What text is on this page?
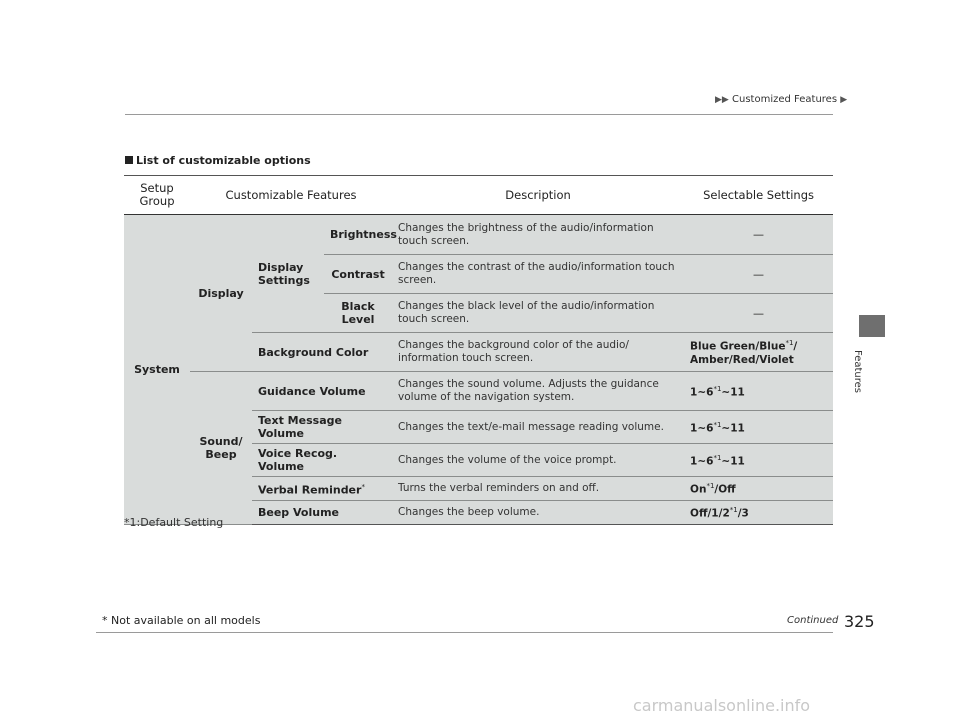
▶▶ Customized Features ▶
Features
List of customizable options
Setup Group	Customizable Features			Description	Selectable Settings
System	Display	Display Settings	Brightness	Changes the brightness of the audio/information touch screen.	—
			Contrast	Changes the contrast of the audio/information touch screen.	—
			Black Level	Changes the black level of the audio/information touch screen.	—
		Background Color		Changes the background color of the audio/ information touch screen.	Blue Green/Blue$^{*1}$/ Amber/Red/Violet
	Sound/ Beep	Guidance Volume		Changes the sound volume. Adjusts the guidance volume of the navigation system.	1~6$^{*1}$~11
		Text Message Volume		Changes the text/e-mail message reading volume.	1~6$^{*1}$~11
		Voice Recog. Volume		Changes the volume of the voice prompt.	1~6$^{*1}$~11
		Verbal Reminder*		Turns the verbal reminders on and off.	On$^{*1}$/Off
		Beep Volume		Changes the beep volume.	Off/1/2$^{*1}$/3
*1:Default Setting
Continued 325
* Not available on all models
carmanualsonline.info
